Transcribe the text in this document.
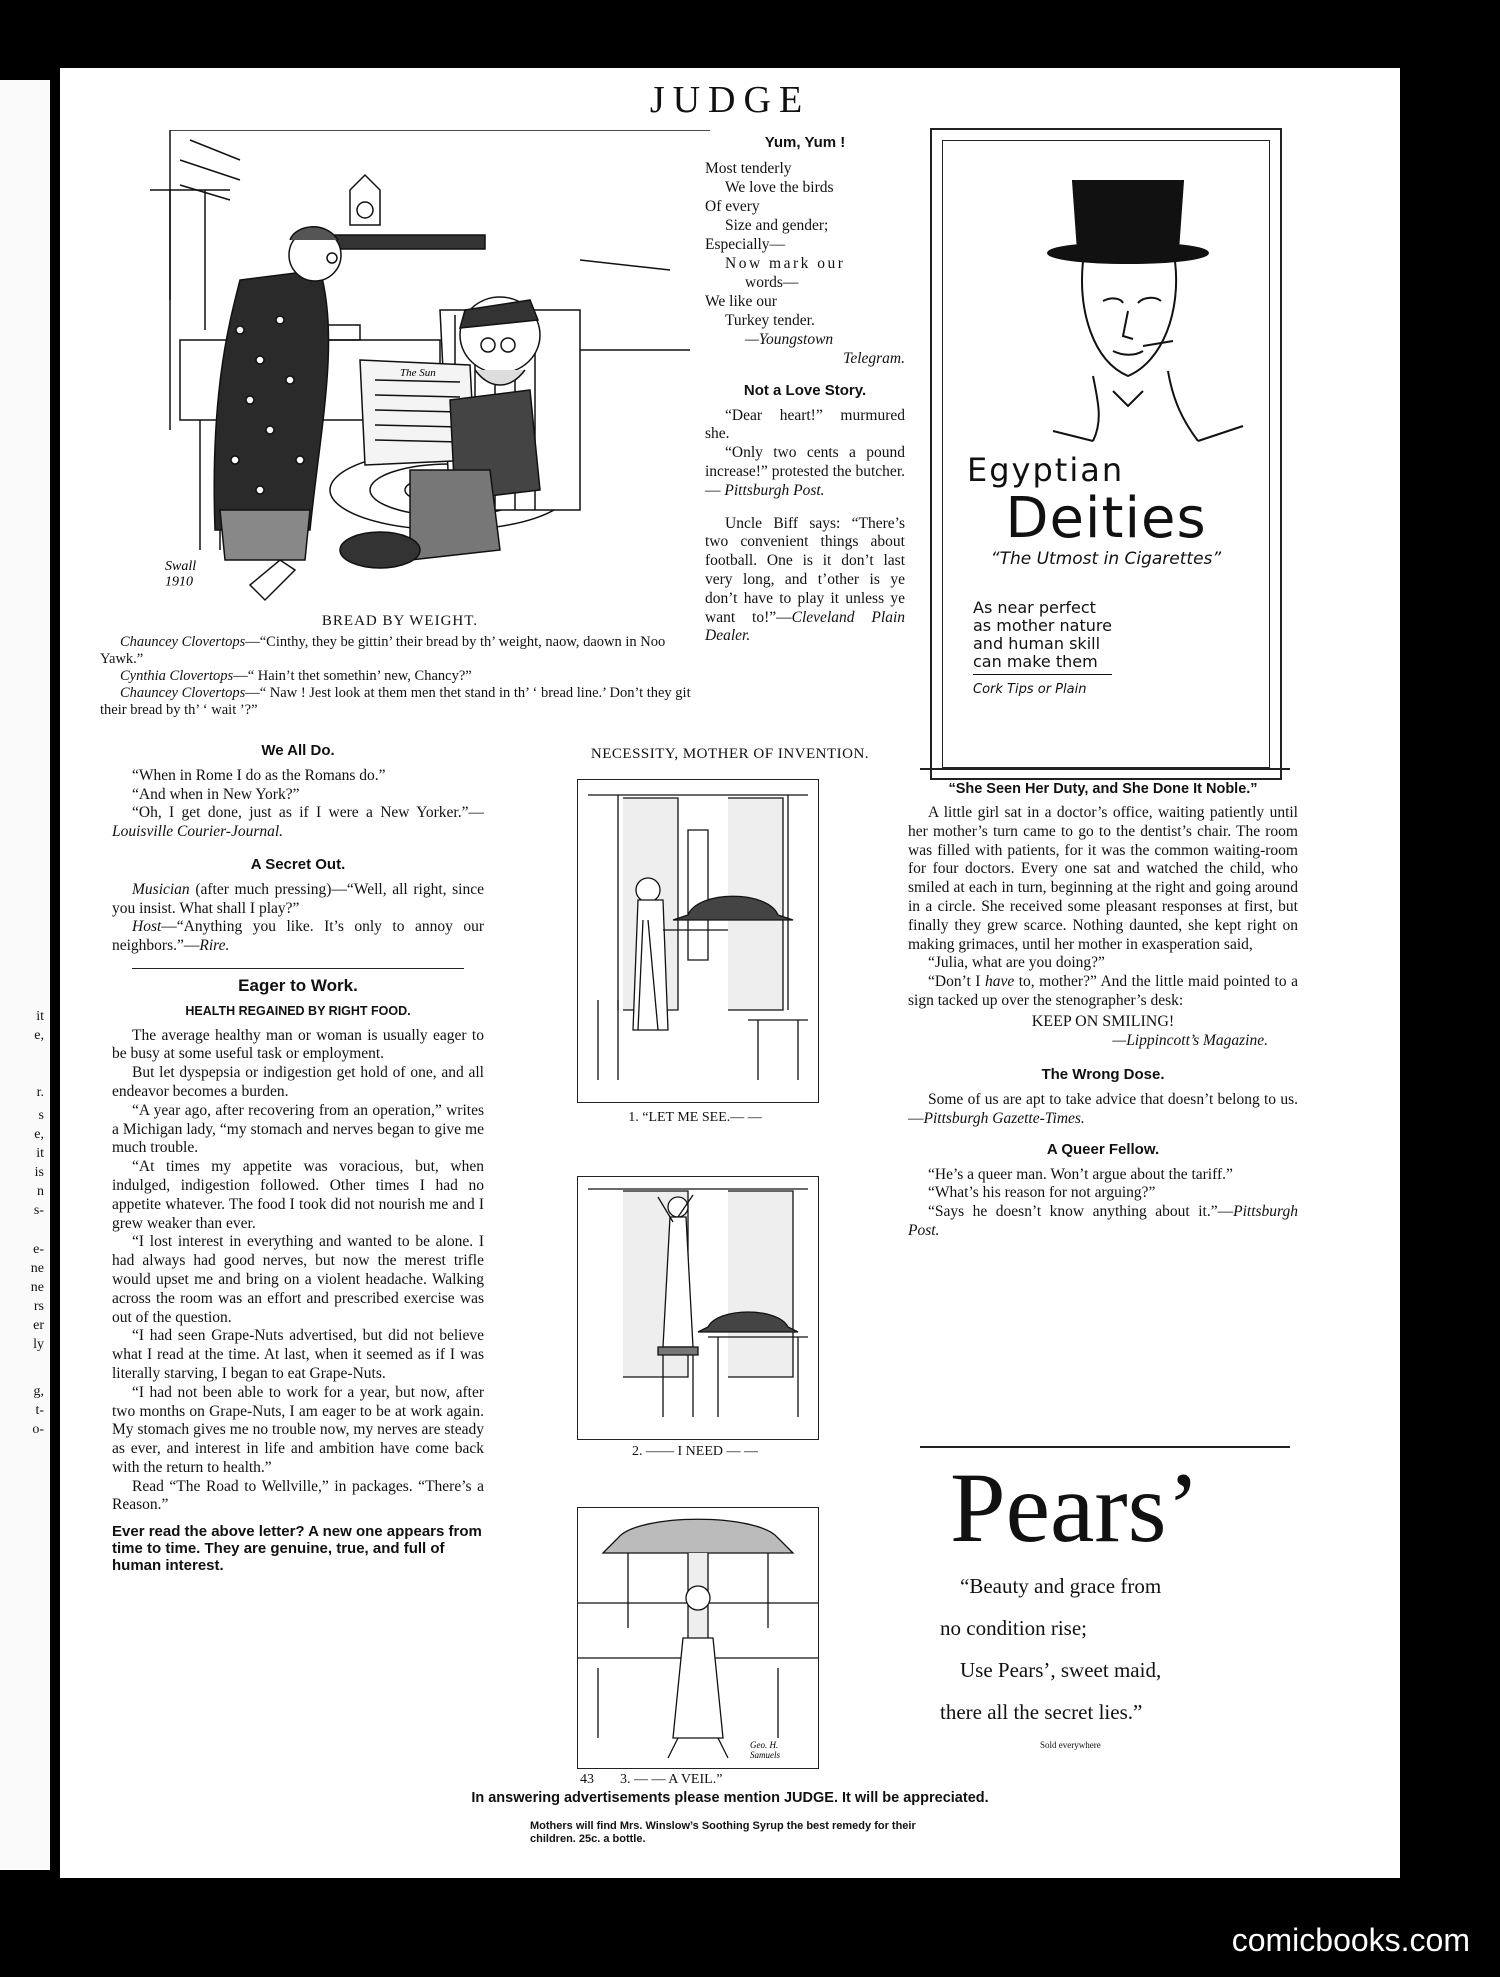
it
e,
r.
s
e,
it
is
n
s-
e-
ne
ne
rs
er
ly
g,
t-
o-
JUDGE
The Sun
Swall 1910
BREAD BY WEIGHT.
Chauncey Clovertops—“Cinthy, they be gittin’ their bread by th’ weight, naow, daown in Noo Yawk.”
Cynthia Clovertops—“ Hain’t thet somethin’ new, Chancy?”
Chauncey Clovertops—“ Naw ! Jest look at them men thet stand in th’ ‘ bread line.’ Don’t they git their bread by th’ ‘ wait ’?”
Yum, Yum !
Most tenderly
We love the birds
Of every
Size and gender;
Especially—
Now mark our
words—
We like our
Turkey tender.
—Youngstown
Telegram.
Not a Love Story.

“Dear heart!” murmured she.

“Only two cents a pound increase!” protested the butcher.— Pittsburgh Post.

Uncle Biff says: “There’s two convenient things about football. One is it don’t last very long, and t’other is ye don’t have to play it unless ye want to!”—Cleveland Plain Dealer.

Egyptian
Deities
“The Utmost in Cigarettes”
As near perfect
as mother nature
and human skill
can make them
Cork Tips or Plain
We All Do.

“When in Rome I do as the Romans do.”

“And when in New York?”

“Oh, I get done, just as if I were a New Yorker.”—Louisville Courier-Journal.

A Secret Out.

Musician (after much pressing)—“Well, all right, since you insist. What shall I play?”

Host—“Anything you like. It’s only to annoy our neighbors.”—Rire.

Eager to Work.
HEALTH REGAINED BY RIGHT FOOD.

The average healthy man or woman is usually eager to be busy at some useful task or employment.

But let dyspepsia or indigestion get hold of one, and all endeavor becomes a burden.

“A year ago, after recovering from an operation,” writes a Michigan lady, “my stomach and nerves began to give me much trouble.

“At times my appetite was voracious, but, when indulged, indigestion followed. Other times I had no appetite whatever. The food I took did not nourish me and I grew weaker than ever.

“I lost interest in everything and wanted to be alone. I had always had good nerves, but now the merest trifle would upset me and bring on a violent headache. Walking across the room was an effort and prescribed exercise was out of the question.

“I had seen Grape-Nuts advertised, but did not believe what I read at the time. At last, when it seemed as if I was literally starving, I began to eat Grape-Nuts.

“I had not been able to work for a year, but now, after two months on Grape-Nuts, I am eager to be at work again. My stomach gives me no trouble now, my nerves are steady as ever, and interest in life and ambition have come back with the return to health.”

Read “The Road to Wellville,” in packages. “There’s a Reason.”

Ever read the above letter? A new one appears from time to time. They are genuine, true, and full of human interest.
NECESSITY, MOTHER OF INVENTION.
1. “LET ME SEE.— —
2. —— I NEED — —
Geo. H. Samuels
43	3. — — A VEIL.”
Mothers will find Mrs. Winslow’s Soothing Syrup the best remedy for their children. 25c. a bottle.
“She Seen Her Duty, and She Done It Noble.”

A little girl sat in a doctor’s office, waiting patiently until her mother’s turn came to go to the dentist’s chair. The room was filled with patients, for it was the common waiting-room for four doctors. Every one sat and watched the child, who smiled at each in turn, beginning at the right and going around in a circle. She received some pleasant responses at first, but finally they grew scarce. Nothing daunted, she kept right on making grimaces, until her mother in exasperation said,

“Julia, what are you doing?”

“Don’t I have to, mother?” And the little maid pointed to a sign tacked up over the stenographer’s desk:

KEEP ON SMILING!
—Lippincott’s Magazine.
The Wrong Dose.

Some of us are apt to take advice that doesn’t belong to us.—Pittsburgh Gazette-Times.

A Queer Fellow.

“He’s a queer man. Won’t argue about the tariff.”

“What’s his reason for not arguing?”

“Says he doesn’t know anything about it.”—Pittsburgh Post.

Pears’
“Beauty and grace from
no condition rise;
Use Pears’, sweet maid,
there all the secret lies.”
Sold everywhere
In answering advertisements please mention JUDGE. It will be appreciated.
comicbooks.com
